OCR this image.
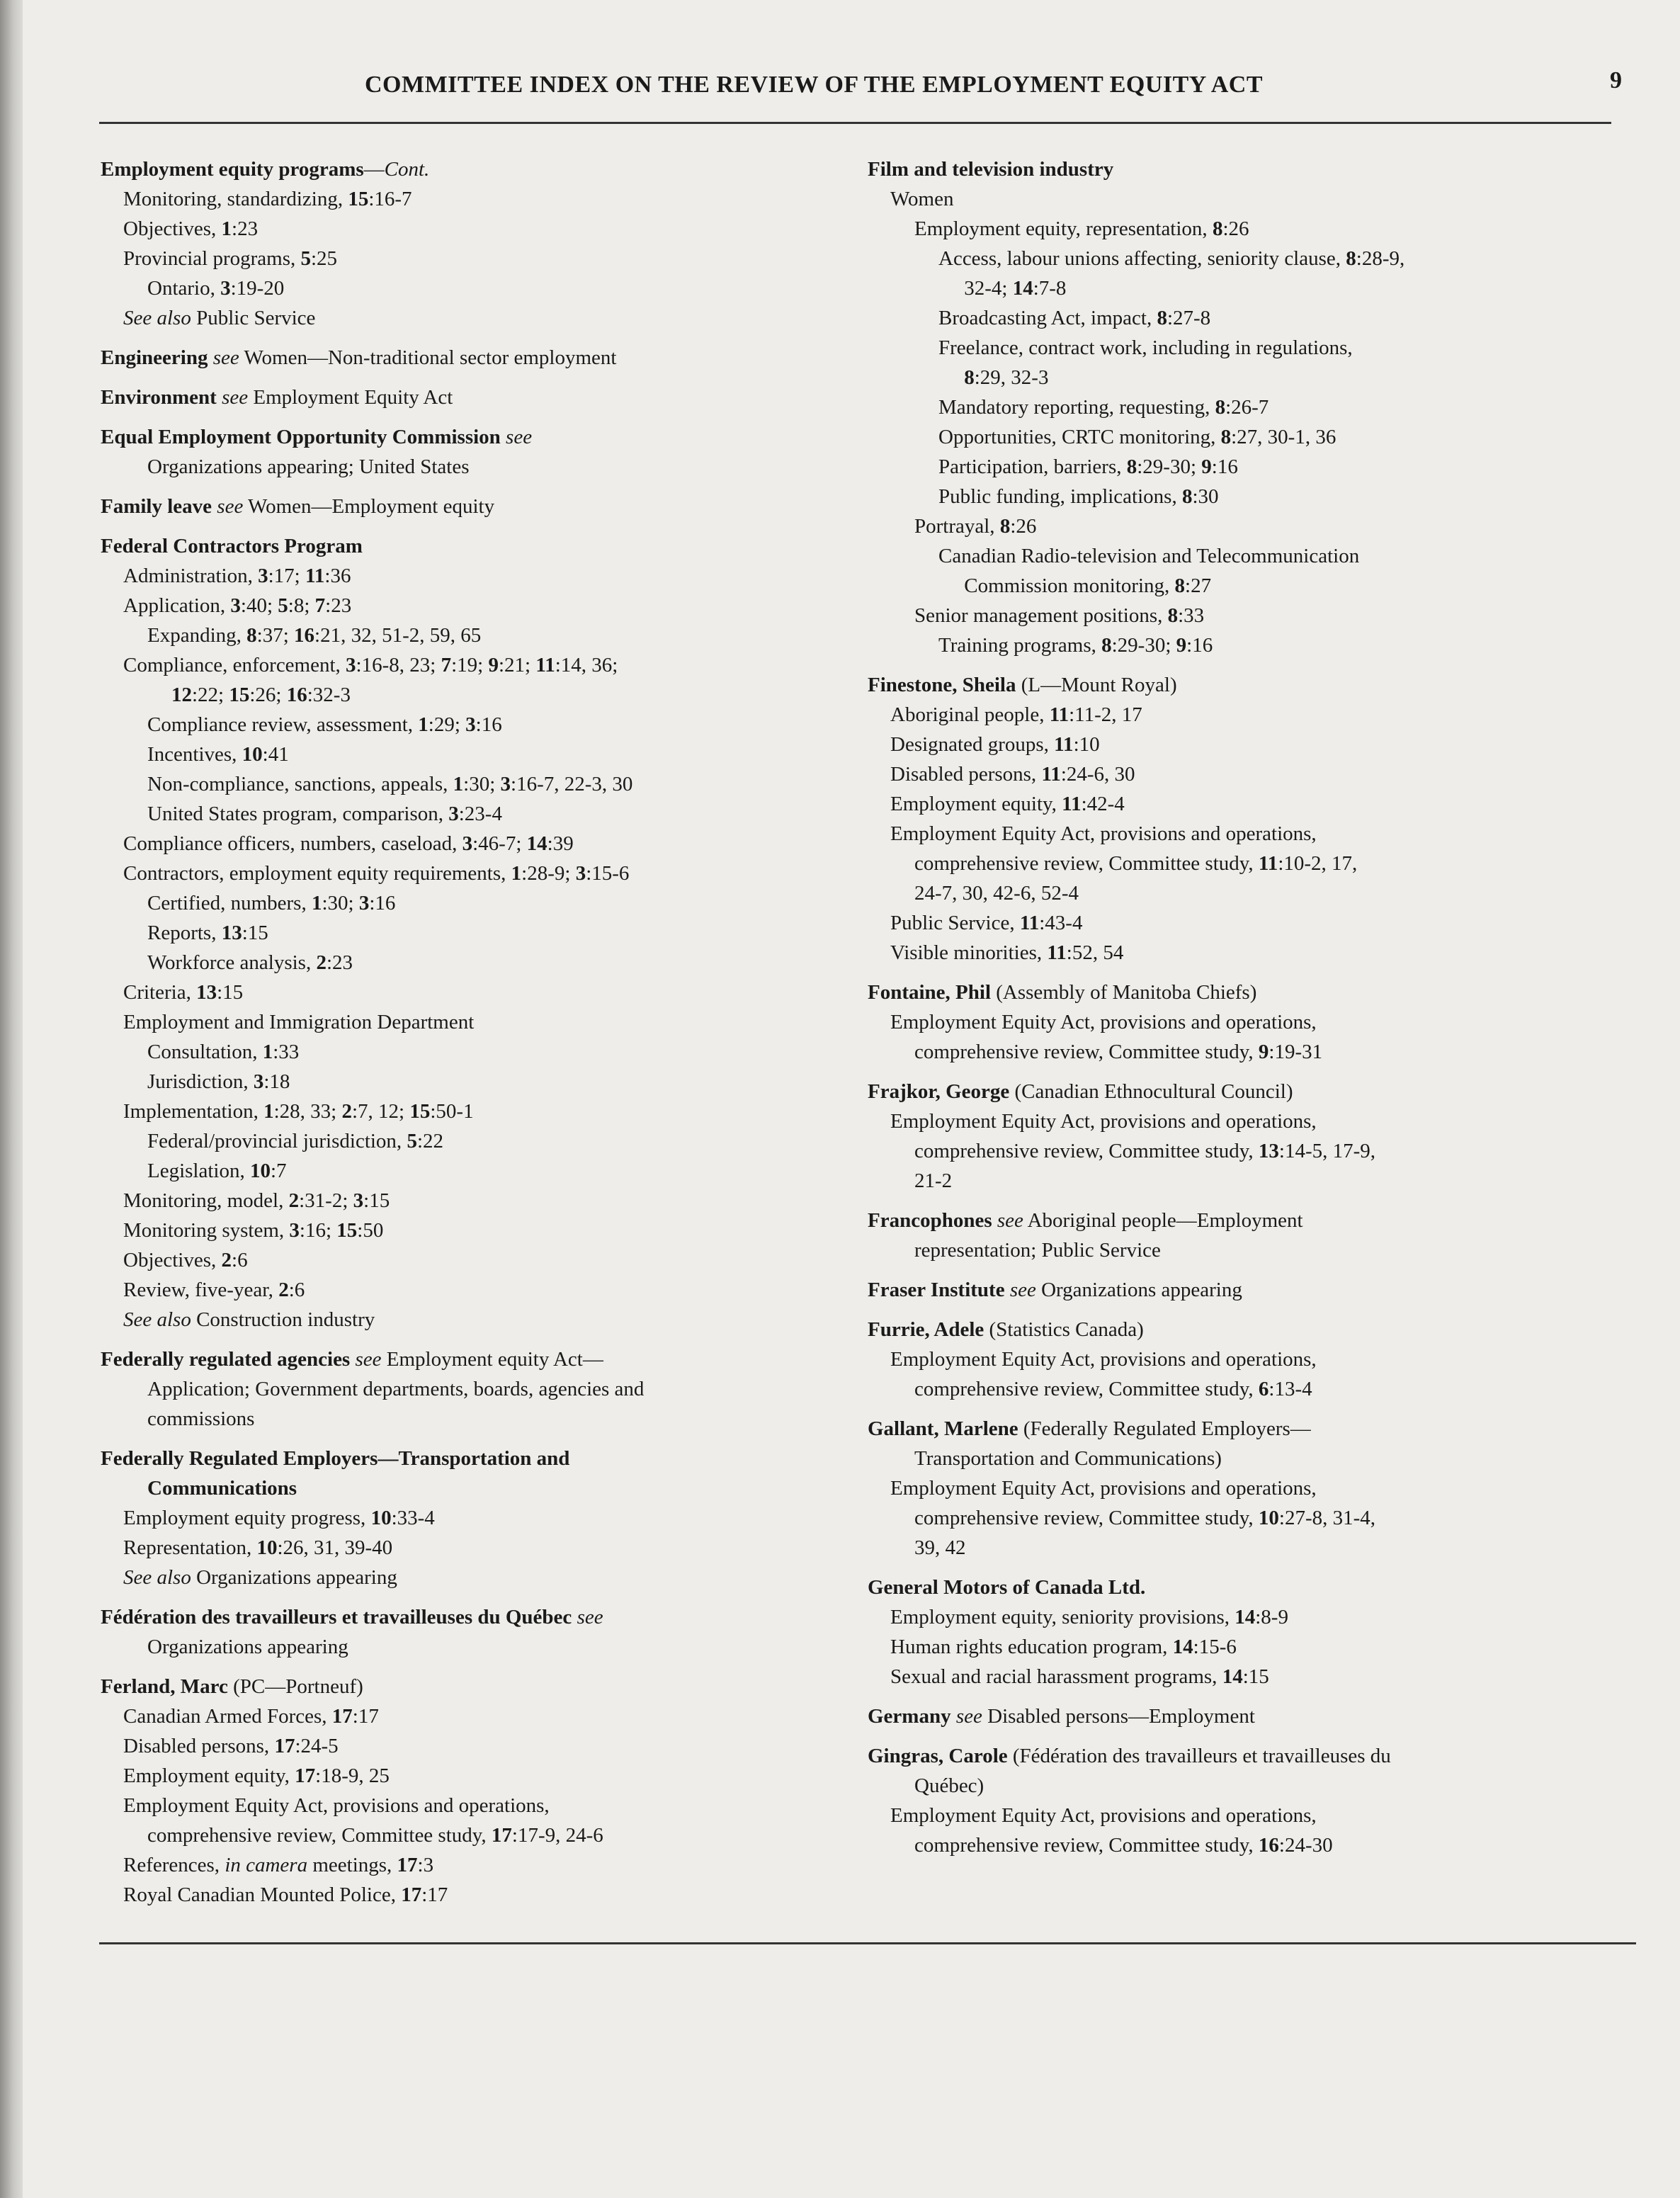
COMMITTEE INDEX ON THE REVIEW OF THE EMPLOYMENT EQUITY ACT	9
Employment equity programs—Cont.
Monitoring, standardizing, 15:16-7
Objectives, 1:23
Provincial programs, 5:25
Ontario, 3:19-20
See also Public Service
Engineering see Women—Non-traditional sector employment
Environment see Employment Equity Act
Equal Employment Opportunity Commission see
Organizations appearing; United States
Family leave see Women—Employment equity
Federal Contractors Program
Administration, 3:17; 11:36
Application, 3:40; 5:8; 7:23
Expanding, 8:37; 16:21, 32, 51-2, 59, 65
Compliance, enforcement, 3:16-8, 23; 7:19; 9:21; 11:14, 36;
12:22; 15:26; 16:32-3
Compliance review, assessment, 1:29; 3:16
Incentives, 10:41
Non-compliance, sanctions, appeals, 1:30; 3:16-7, 22-3, 30
United States program, comparison, 3:23-4
Compliance officers, numbers, caseload, 3:46-7; 14:39
Contractors, employment equity requirements, 1:28-9; 3:15-6
Certified, numbers, 1:30; 3:16
Reports, 13:15
Workforce analysis, 2:23
Criteria, 13:15
Employment and Immigration Department
Consultation, 1:33
Jurisdiction, 3:18
Implementation, 1:28, 33; 2:7, 12; 15:50-1
Federal/provincial jurisdiction, 5:22
Legislation, 10:7
Monitoring, model, 2:31-2; 3:15
Monitoring system, 3:16; 15:50
Objectives, 2:6
Review, five-year, 2:6
See also Construction industry
Federally regulated agencies see Employment equity Act—
Application; Government departments, boards, agencies and
commissions
Federally Regulated Employers—Transportation and
Communications
Employment equity progress, 10:33-4
Representation, 10:26, 31, 39-40
See also Organizations appearing
Fédération des travailleurs et travailleuses du Québec see
Organizations appearing
Ferland, Marc (PC—Portneuf)
Canadian Armed Forces, 17:17
Disabled persons, 17:24-5
Employment equity, 17:18-9, 25
Employment Equity Act, provisions and operations,
comprehensive review, Committee study, 17:17-9, 24-6
References, in camera meetings, 17:3
Royal Canadian Mounted Police, 17:17
Film and television industry
Women
Employment equity, representation, 8:26
Access, labour unions affecting, seniority clause, 8:28-9,
32-4; 14:7-8
Broadcasting Act, impact, 8:27-8
Freelance, contract work, including in regulations,
8:29, 32-3
Mandatory reporting, requesting, 8:26-7
Opportunities, CRTC monitoring, 8:27, 30-1, 36
Participation, barriers, 8:29-30; 9:16
Public funding, implications, 8:30
Portrayal, 8:26
Canadian Radio-television and Telecommunication
Commission monitoring, 8:27
Senior management positions, 8:33
Training programs, 8:29-30; 9:16
Finestone, Sheila (L—Mount Royal)
Aboriginal people, 11:11-2, 17
Designated groups, 11:10
Disabled persons, 11:24-6, 30
Employment equity, 11:42-4
Employment Equity Act, provisions and operations,
comprehensive review, Committee study, 11:10-2, 17,
24-7, 30, 42-6, 52-4
Public Service, 11:43-4
Visible minorities, 11:52, 54
Fontaine, Phil (Assembly of Manitoba Chiefs)
Employment Equity Act, provisions and operations,
comprehensive review, Committee study, 9:19-31
Frajkor, George (Canadian Ethnocultural Council)
Employment Equity Act, provisions and operations,
comprehensive review, Committee study, 13:14-5, 17-9,
21-2
Francophones see Aboriginal people—Employment
representation; Public Service
Fraser Institute see Organizations appearing
Furrie, Adele (Statistics Canada)
Employment Equity Act, provisions and operations,
comprehensive review, Committee study, 6:13-4
Gallant, Marlene (Federally Regulated Employers—
Transportation and Communications)
Employment Equity Act, provisions and operations,
comprehensive review, Committee study, 10:27-8, 31-4,
39, 42
General Motors of Canada Ltd.
Employment equity, seniority provisions, 14:8-9
Human rights education program, 14:15-6
Sexual and racial harassment programs, 14:15
Germany see Disabled persons—Employment
Gingras, Carole (Fédération des travailleurs et travailleuses du
Québec)
Employment Equity Act, provisions and operations,
comprehensive review, Committee study, 16:24-30
